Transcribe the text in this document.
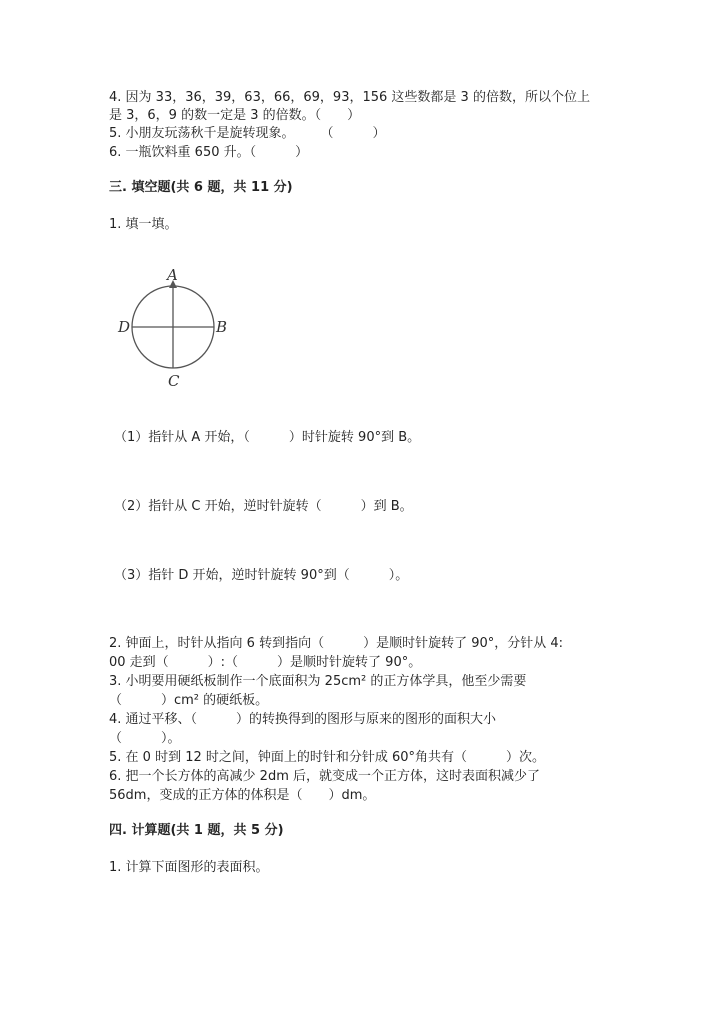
4. 因为 33，36，39，63，66，69，93，156 这些数都是 3 的倍数，所以个位上
是 3，6，9 的数一定是 3 的倍数。（　　）
5. 小朋友玩荡秋千是旋转现象。　　　（　　　）
6. 一瓶饮料重 650 升。（　　　）
三. 填空题(共 6 题，共 11 分)
1. 填一填。
A
B
C
D
（1）指针从 A 开始，（　　　）时针旋转 90°到 B。
（2）指针从 C 开始，逆时针旋转（　　　）到 B。
（3）指针 D 开始，逆时针旋转 90°到（　　　）。
2. 钟面上，时针从指向 6 转到指向（　　　）是顺时针旋转了 90°，分针从 4:
00 走到（　　　）:（　　　）是顺时针旋转了 90°。
3. 小明要用硬纸板制作一个底面积为 25cm² 的正方体学具，他至少需要
（　　　）cm² 的硬纸板。
4. 通过平移、（　　　）的转换得到的图形与原来的图形的面积大小
（　　　）。
5. 在 0 时到 12 时之间，钟面上的时针和分针成 60°角共有（　　　）次。
6. 把一个长方体的高减少 2dm 后，就变成一个正方体，这时表面积减少了
56dm，变成的正方体的体积是（　　）dm。
四. 计算题(共 1 题，共 5 分)
1. 计算下面图形的表面积。
